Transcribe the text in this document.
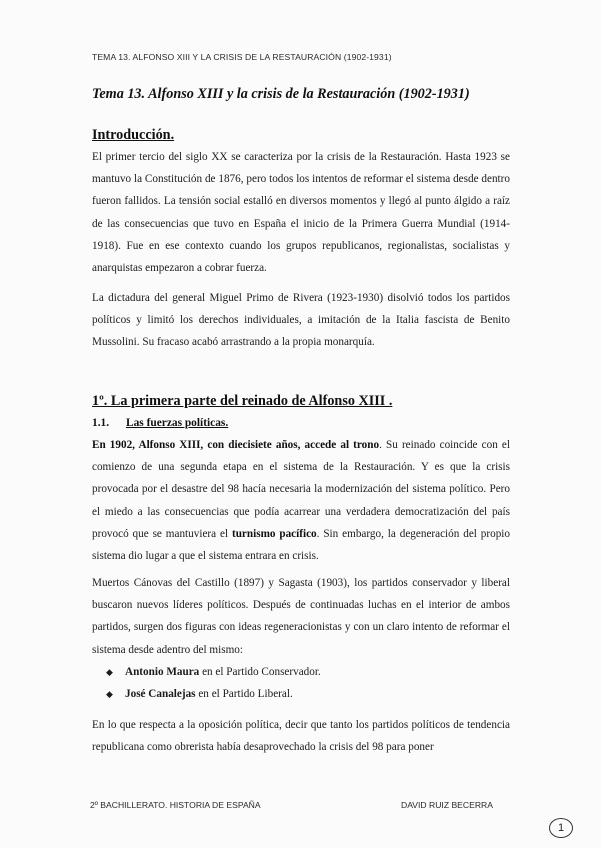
TEMA 13. ALFONSO XIII Y LA CRISIS DE LA RESTAURACIÓN (1902-1931)
Tema 13. Alfonso XIII y la crisis de la Restauración (1902-1931)
Introducción.
El primer tercio del siglo XX se caracteriza por la crisis de la Restauración. Hasta 1923 se mantuvo la Constitución de 1876, pero todos los intentos de reformar el sistema desde dentro fueron fallidos. La tensión social estalló en diversos momentos y llegó al punto álgido a raíz de las consecuencias que tuvo en España el inicio de la Primera Guerra Mundial (1914-1918). Fue en ese contexto cuando los grupos republicanos, regionalistas, socialistas y anarquistas empezaron a cobrar fuerza.
La dictadura del general Miguel Primo de Rivera (1923-1930) disolvió todos los partidos políticos y limitó los derechos individuales, a imitación de la Italia fascista de Benito Mussolini. Su fracaso acabó arrastrando a la propia monarquía.
1º. La primera parte del reinado de Alfonso XIII .
1.1. Las fuerzas políticas.
En 1902, Alfonso XIII, con diecisiete años, accede al trono. Su reinado coincide con el comienzo de una segunda etapa en el sistema de la Restauración. Y es que la crisis provocada por el desastre del 98 hacía necesaria la modernización del sistema político. Pero el miedo a las consecuencias que podía acarrear una verdadera democratización del país provocó que se mantuviera el turnismo pacífico. Sin embargo, la degeneración del propio sistema dio lugar a que el sistema entrara en crisis.
Muertos Cánovas del Castillo (1897) y Sagasta (1903), los partidos conservador y liberal buscaron nuevos líderes políticos. Después de continuadas luchas en el interior de ambos partidos, surgen dos figuras con ideas regeneracionistas y con un claro intento de reformar el sistema desde adentro del mismo:
◆ Antonio Maura en el Partido Conservador.
◆ José Canalejas en el Partido Liberal.
En lo que respecta a la oposición política, decir que tanto los partidos políticos de tendencia republicana como obrerista había desaprovechado la crisis del 98 para poner
2º BACHILLERATO. HISTORIA DE ESPAÑA	DAVID RUIZ BECERRA
1
